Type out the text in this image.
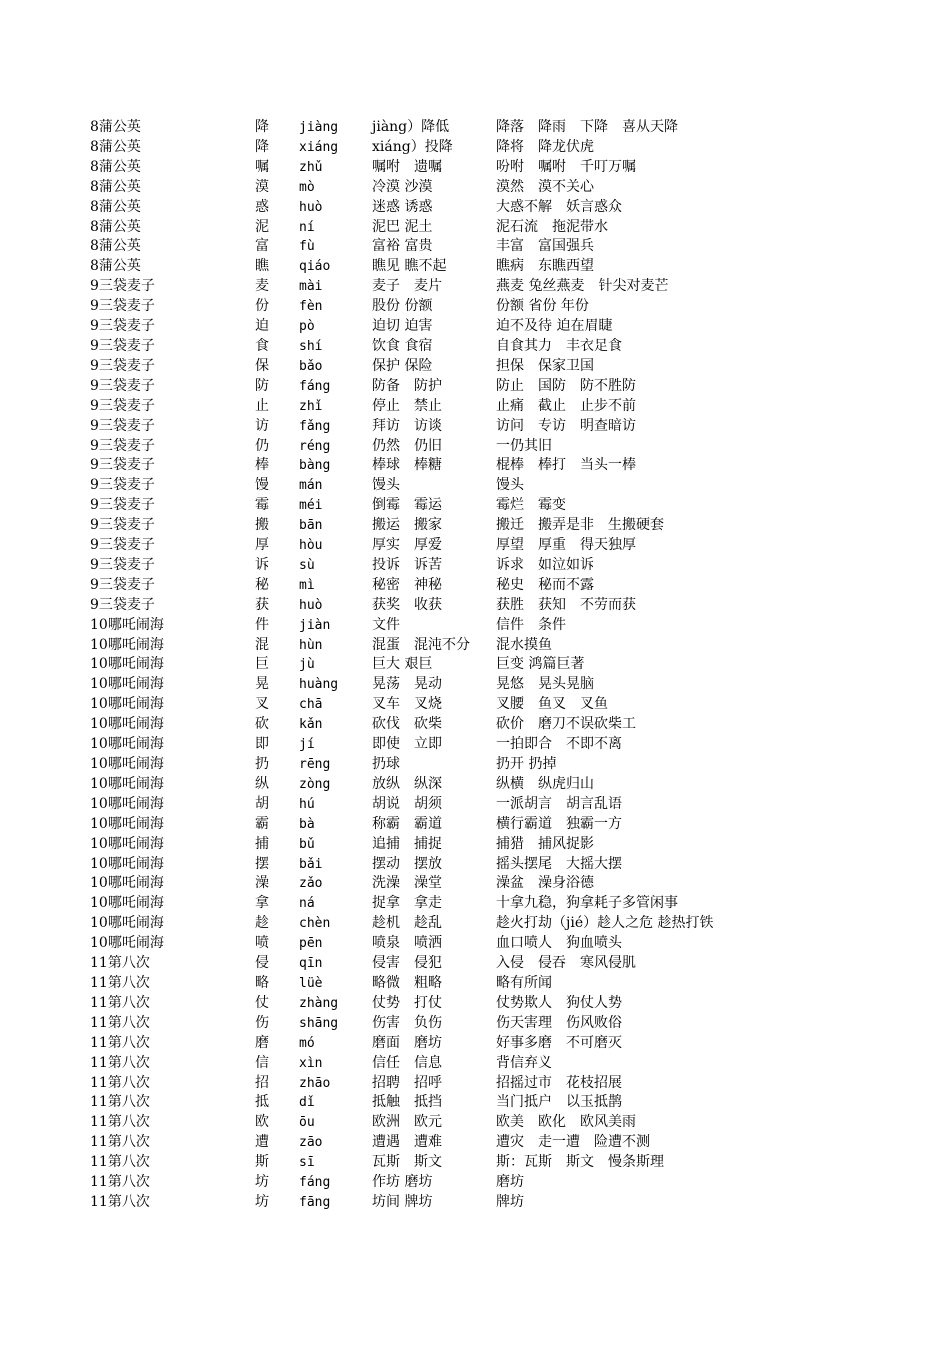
8蒲公英	降	jiàng	jiàng）降低	降落　降雨　下降　喜从天降
8蒲公英	降	xiáng	xiáng）投降	降将　降龙伏虎
8蒲公英	嘱	zhǔ	嘱咐　遗嘱	吩咐　嘱咐　千叮万嘱
8蒲公英	漠	mò	冷漠 沙漠	漠然　漠不关心
8蒲公英	惑	huò	迷惑 诱惑	大惑不解　妖言惑众
8蒲公英	泥	ní	泥巴 泥土	泥石流　拖泥带水
8蒲公英	富	fù	富裕 富贵	丰富　富国强兵
8蒲公英	瞧	qiáo	瞧见 瞧不起	瞧病　东瞧西望
9三袋麦子	麦	mài	麦子　麦片	燕麦 兔丝燕麦　针尖对麦芒
9三袋麦子	份	fèn	股份 份额	份额 省份 年份
9三袋麦子	迫	pò	迫切 迫害	迫不及待 迫在眉睫
9三袋麦子	食	shí	饮食 食宿	自食其力　丰衣足食
9三袋麦子	保	bǎo	保护 保险	担保　保家卫国
9三袋麦子	防	fáng	防备　防护	防止　国防　防不胜防
9三袋麦子	止	zhǐ	停止　禁止	止痛　截止　止步不前
9三袋麦子	访	fǎng	拜访　访谈	访问　专访　明查暗访
9三袋麦子	仍	réng	仍然　仍旧	一仍其旧
9三袋麦子	棒	bàng	棒球　棒糖	棍棒　棒打　当头一棒
9三袋麦子	馒	mán	馒头	馒头
9三袋麦子	霉	méi	倒霉　霉运	霉烂　霉变
9三袋麦子	搬	bān	搬运　搬家	搬迁　搬弄是非　生搬硬套
9三袋麦子	厚	hòu	厚实　厚爱	厚望　厚重　得天独厚
9三袋麦子	诉	sù	投诉　诉苦	诉求　如泣如诉
9三袋麦子	秘	mì	秘密　神秘	秘史　秘而不露
9三袋麦子	获	huò	获奖　收获	获胜　获知　不劳而获
10哪吒闹海	件	jiàn	文件	信件　条件
10哪吒闹海	混	hùn	混蛋　混沌不分	混水摸鱼
10哪吒闹海	巨	jù	巨大 艰巨	巨变 鸿篇巨著
10哪吒闹海	晃	huàng	晃荡　晃动	晃悠　晃头晃脑
10哪吒闹海	叉	chā	叉车　叉烧	叉腰　鱼叉　叉鱼
10哪吒闹海	砍	kǎn	砍伐　砍柴	砍价　磨刀不误砍柴工
10哪吒闹海	即	jí	即使　立即	一拍即合　不即不离
10哪吒闹海	扔	rēng	扔球	扔开 扔掉
10哪吒闹海	纵	zòng	放纵　纵深	纵横　纵虎归山
10哪吒闹海	胡	hú	胡说　胡须	一派胡言　胡言乱语
10哪吒闹海	霸	bà	称霸　霸道	横行霸道　独霸一方
10哪吒闹海	捕	bǔ	追捕　捕捉	捕猎　捕风捉影
10哪吒闹海	摆	bǎi	摆动　摆放	摇头摆尾　大摇大摆
10哪吒闹海	澡	zǎo	洗澡　澡堂	澡盆　澡身浴德
10哪吒闹海	拿	ná	捉拿　拿走	十拿九稳，狗拿耗子多管闲事
10哪吒闹海	趁	chèn	趁机　趁乱	趁火打劫（jié）趁人之危 趁热打铁
10哪吒闹海	喷	pēn	喷泉　喷洒	血口喷人　狗血喷头
11第八次	侵	qīn	侵害　侵犯	入侵　侵吞　寒风侵肌
11第八次	略	lüè	略微　粗略	略有所闻
11第八次	仗	zhàng	仗势　打仗	仗势欺人　狗仗人势
11第八次	伤	shāng	伤害　负伤	伤天害理　伤风败俗
11第八次	磨	mó	磨面　磨坊	好事多磨　不可磨灭
11第八次	信	xìn	信任　信息	背信弃义
11第八次	招	zhāo	招聘　招呼	招摇过市　花枝招展
11第八次	抵	dǐ	抵触　抵挡	当门抵户　以玉抵鹊
11第八次	欧	ōu	欧洲　欧元	欧美　欧化　欧风美雨
11第八次	遭	zāo	遭遇　遭难	遭灾　走一遭　险遭不测
11第八次	斯	sī	瓦斯　斯文	斯：瓦斯　斯文　慢条斯理
11第八次	坊	fáng	作坊 磨坊	磨坊
11第八次	坊	fāng	坊间 牌坊	牌坊
